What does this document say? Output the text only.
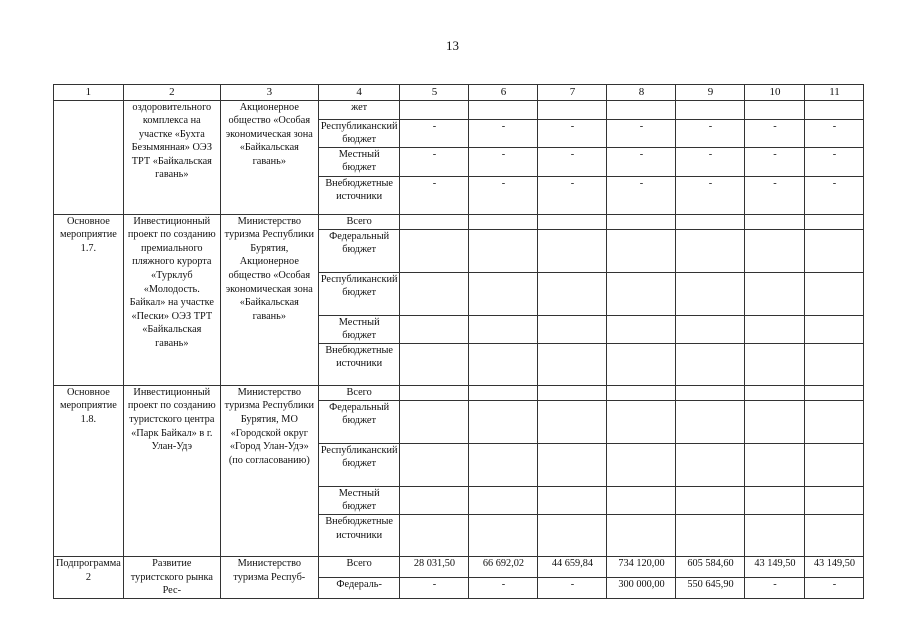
13
1	2	3	4	5	6	7	8	9	10	11
	оздоровительного комплекса на участке «Бухта Безымянная» ОЭЗ ТРТ «Байкальская гавань»	Акционерное общество «Особая экономическая зона «Байкальская гавань»	жет							
			Республиканский бюджет	-	-	-	-	-	-	-
			Местный бюджет	-	-	-	-	-	-	-
			Внебюджетные источники	-	-	-	-	-	-	-
Основное мероприятие 1.7.	Инвестиционный проект по созданию премиального пляжного курорта «Турклуб «Молодость. Байкал» на участке «Пески» ОЭЗ ТРТ «Байкальская гавань»	Министерство туризма Республики Бурятия, Акционерное общество «Особая экономическая зона «Байкальская гавань»	Всего							
			Федеральный бюджет							
			Республиканский бюджет							
			Местный бюджет							
			Внебюджетные источники							
Основное мероприятие 1.8.	Инвестиционный проект по созданию туристского центра «Парк Байкал» в г. Улан-Удэ	Министерство туризма Республики Бурятия, МО «Городской округ «Город Улан-Удэ» (по согласованию)	Всего							
			Федеральный бюджет							
			Республиканский бюджет							
			Местный бюджет							
			Внебюджетные источники							
Подпрограмма 2	Развитие туристского рынка Рес-	Министерство туризма Респуб-	Всего	28 031,50	66 692,02	44 659,84	734 120,00	605 584,60	43 149,50	43 149,50
			Федераль-	-	-	-	300 000,00	550 645,90	-	-
